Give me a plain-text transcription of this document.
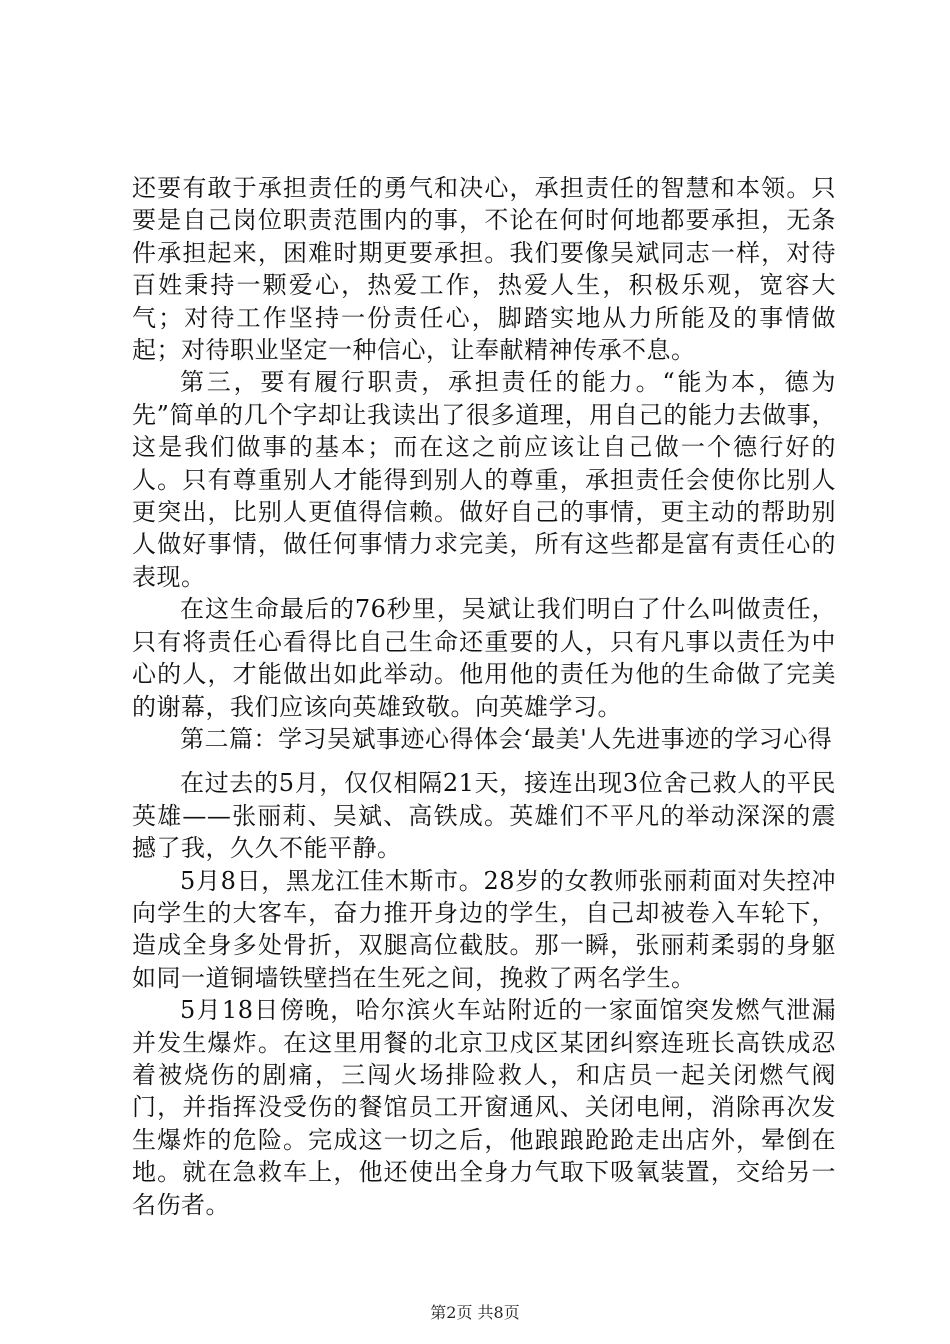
还要有敢于承担责任的勇气和决心，承担责任的智慧和本领。只要是自己岗位职责范围内的事，不论在何时何地都要承担，无条件承担起来，困难时期更要承担。我们要像吴斌同志一样，对待百姓秉持一颗爱心，热爱工作，热爱人生，积极乐观，宽容大气；对待工作坚持一份责任心，脚踏实地从力所能及的事情做起；对待职业坚定一种信心，让奉献精神传承不息。

第三，要有履行职责，承担责任的能力。“能为本，德为先”简单的几个字却让我读出了很多道理，用自己的能力去做事，这是我们做事的基本；而在这之前应该让自己做一个德行好的人。只有尊重别人才能得到别人的尊重，承担责任会使你比别人更突出，比别人更值得信赖。做好自己的事情，更主动的帮助别人做好事情，做任何事情力求完美，所有这些都是富有责任心的表现。

在这生命最后的76秒里，吴斌让我们明白了什么叫做责任，只有将责任心看得比自己生命还重要的人，只有凡事以责任为中心的人，才能做出如此举动。他用他的责任为他的生命做了完美的谢幕，我们应该向英雄致敬。向英雄学习。

第二篇：学习吴斌事迹心得体会‘最美'人先进事迹的学习心得

在过去的5月，仅仅相隔21天，接连出现3位舍己救人的平民英雄——张丽莉、吴斌、高铁成。英雄们不平凡的举动深深的震撼了我，久久不能平静。

5月8日，黑龙江佳木斯市。28岁的女教师张丽莉面对失控冲向学生的大客车，奋力推开身边的学生，自己却被卷入车轮下，造成全身多处骨折，双腿高位截肢。那一瞬，张丽莉柔弱的身躯如同一道铜墙铁壁挡在生死之间，挽救了两名学生。

5月18日傍晚，哈尔滨火车站附近的一家面馆突发燃气泄漏并发生爆炸。在这里用餐的北京卫戍区某团纠察连班长高铁成忍着被烧伤的剧痛，三闯火场排险救人，和店员一起关闭燃气阀门，并指挥没受伤的餐馆员工开窗通风、关闭电闸，消除再次发生爆炸的危险。完成这一切之后，他踉踉跄跄走出店外，晕倒在地。就在急救车上，他还使出全身力气取下吸氧装置，交给另一名伤者。

第2页 共8页
